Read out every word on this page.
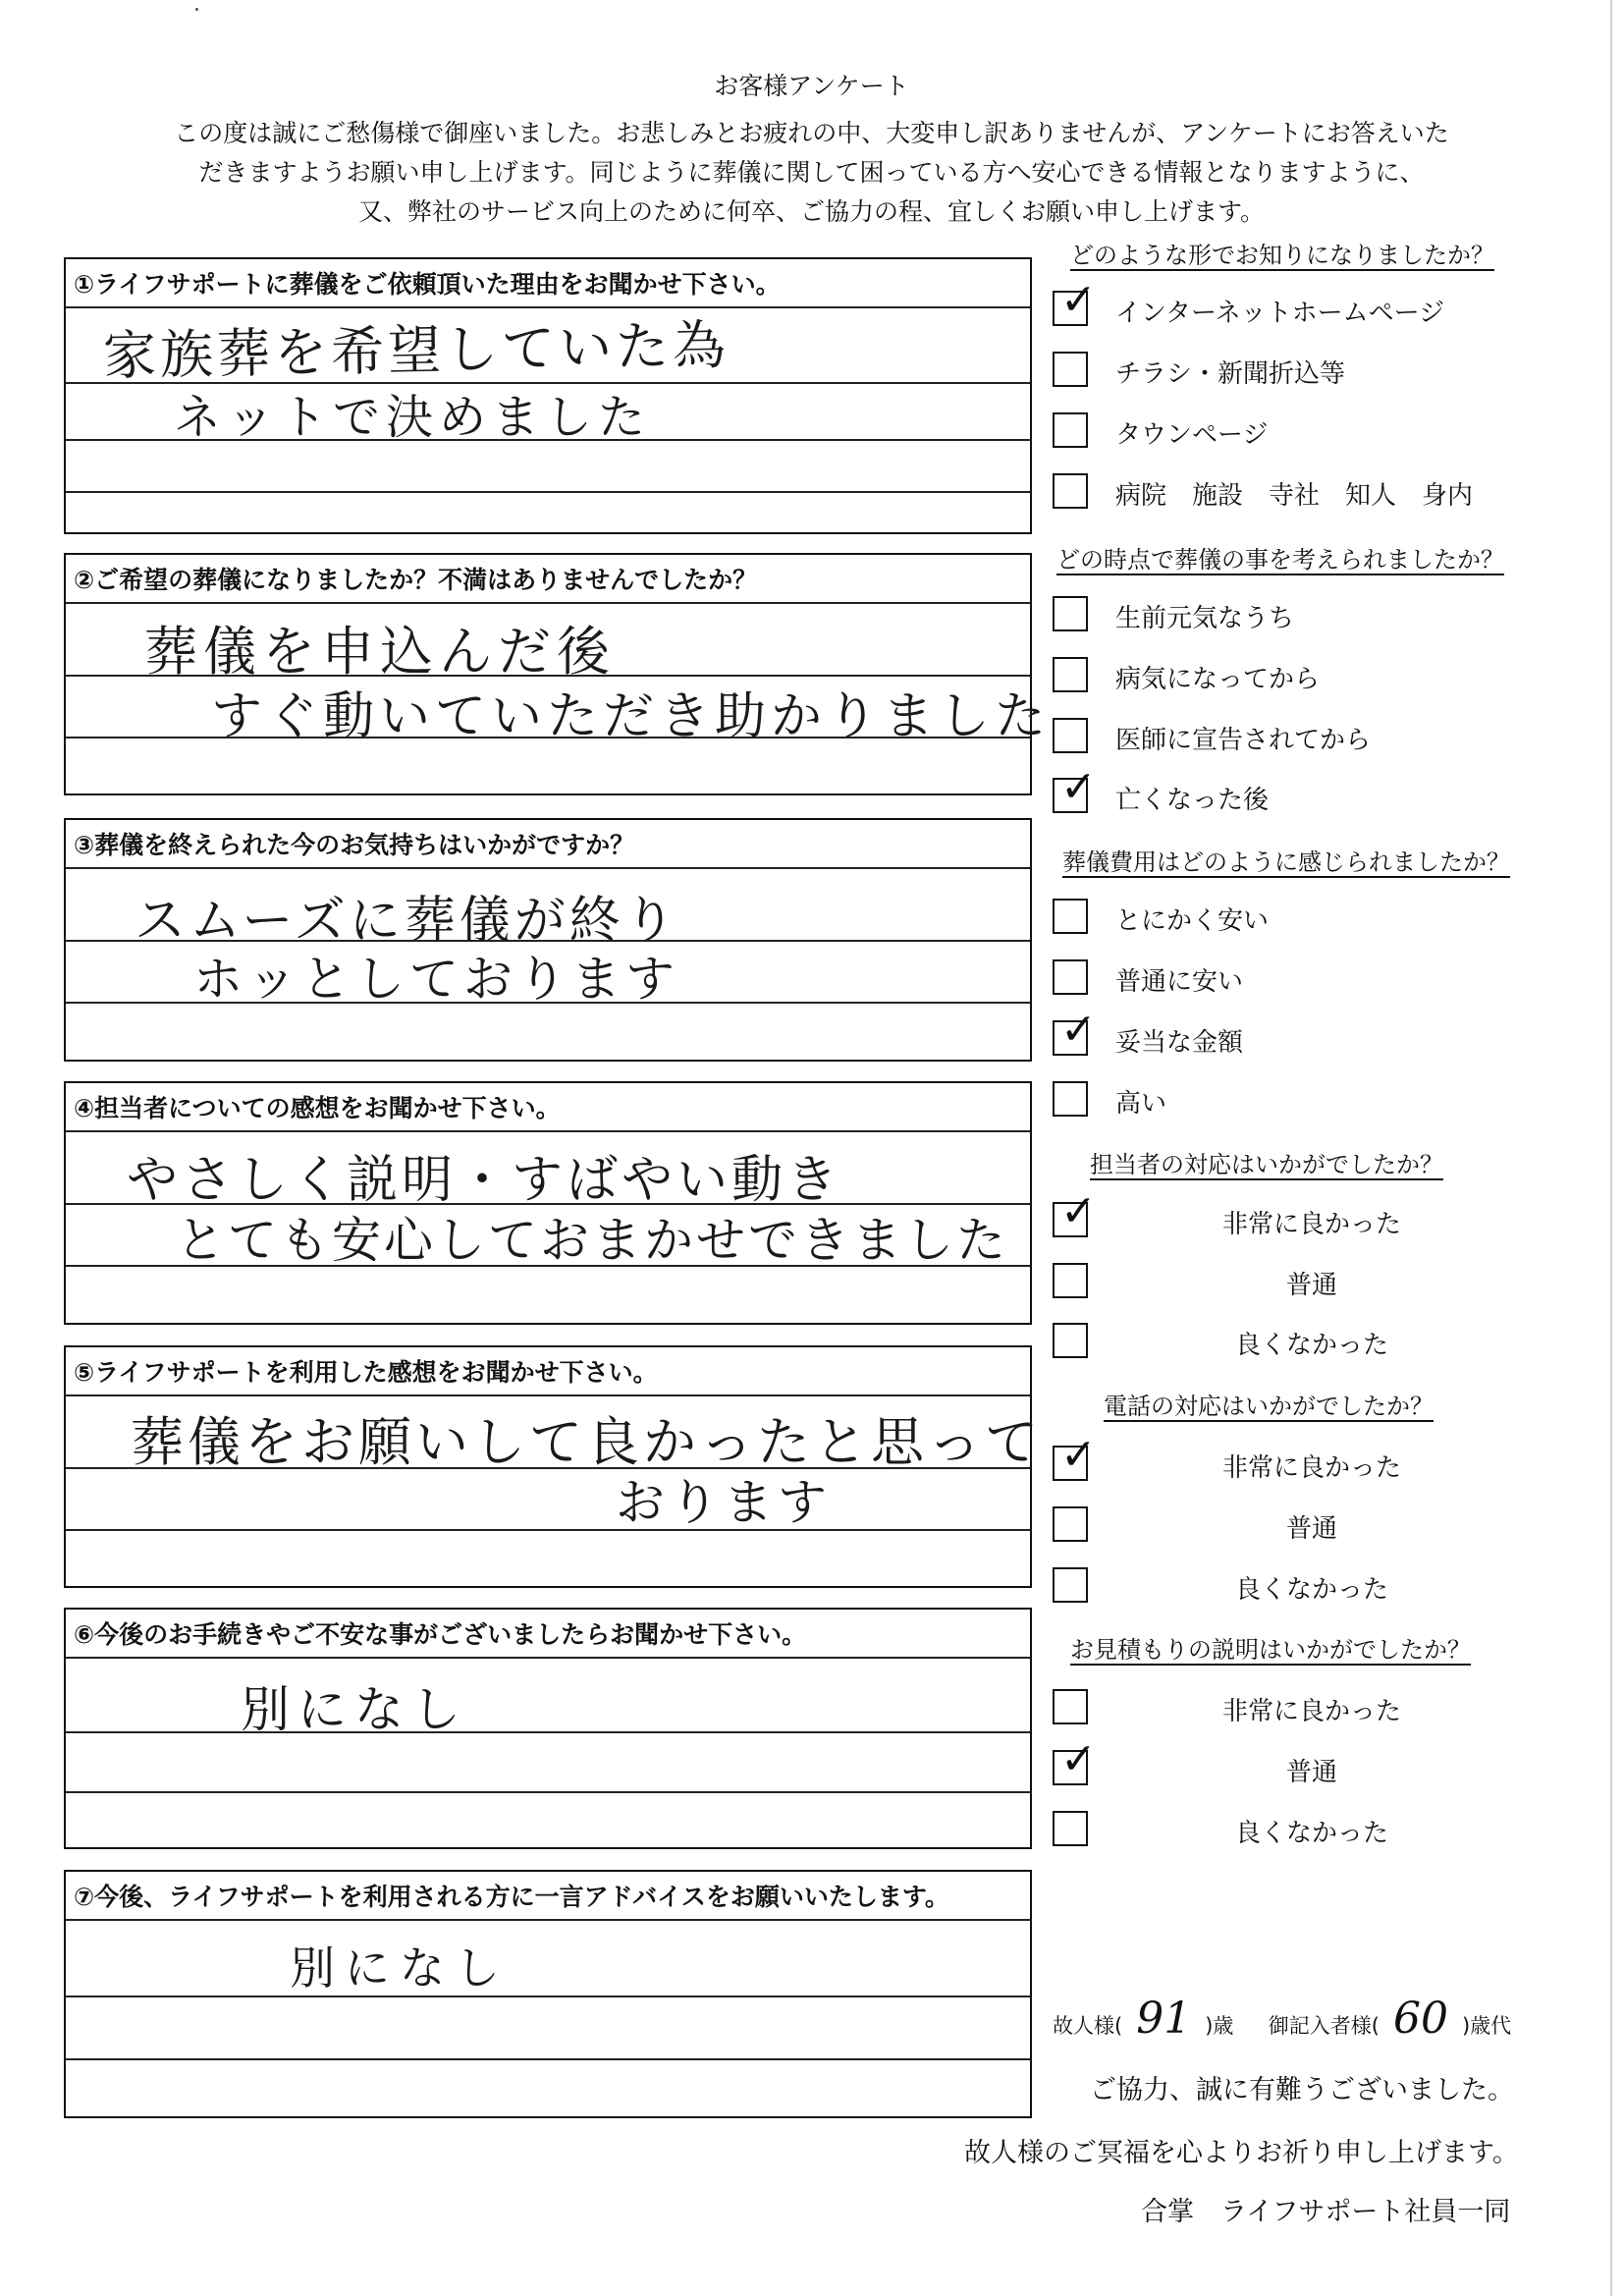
お客様アンケート
この度は誠にご愁傷様で御座いました。お悲しみとお疲れの中、大変申し訳ありませんが、アンケートにお答えいた
だきますようお願い申し上げます。同じように葬儀に関して困っている方へ安心できる情報となりますように、
又、弊社のサービス向上のために何卒、ご協力の程、宜しくお願い申し上げます。
①ライフサポートに葬儀をご依頼頂いた理由をお聞かせ下さい。
家族葬を希望していた為
ネットで決めました
②ご希望の葬儀になりましたか？不満はありませんでしたか？
葬儀を申込んだ後
すぐ動いていただき助かりました
③葬儀を終えられた今のお気持ちはいかがですか？
スムーズに葬儀が終り
ホッとしております
④担当者についての感想をお聞かせ下さい。
やさしく説明・すばやい動き
とても安心しておまかせできました
⑤ライフサポートを利用した感想をお聞かせ下さい。
葬儀をお願いして良かったと思って
おります
⑥今後のお手続きやご不安な事がございましたらお聞かせ下さい。
別になし
⑦今後、ライフサポートを利用される方に一言アドバイスをお願いいたします。
別になし
どのような形でお知りになりましたか？
✓ インターネットホームページ
チラシ・新聞折込等
タウンページ
病院　施設　寺社　知人　身内
どの時点で葬儀の事を考えられましたか？
生前元気なうち
病気になってから
医師に宣告されてから
✓ 亡くなった後
葬儀費用はどのように感じられましたか？
とにかく安い
普通に安い
✓ 妥当な金額
高い
担当者の対応はいかがでしたか？
✓	非常に良かった
普通
良くなかった
電話の対応はいかがでしたか？
✓	非常に良かった
普通
良くなかった
お見積もりの説明はいかがでしたか？
非常に良かった
✓	普通
良くなかった
故人様( 91 )歳 御記入者様( 60 )歳代
ご協力、誠に有難うございました。
故人様のご冥福を心よりお祈り申し上げます。
合掌　ライフサポート社員一同
